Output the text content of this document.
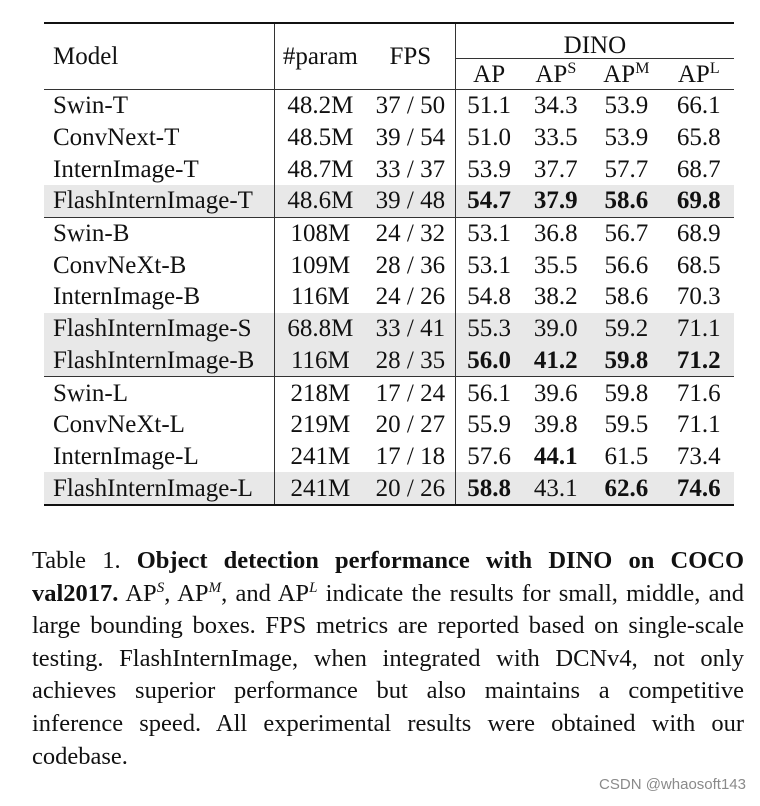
Model	#param	FPS	DINO			
			AP	$AP^S$	$AP^M$	$AP^L$
Swin-T	48.2M	37 / 50	51.1	34.3	53.9	66.1
ConvNext-T	48.5M	39 / 54	51.0	33.5	53.9	65.8
InternImage-T	48.7M	33 / 37	53.9	37.7	57.7	68.7
FlashInternImage-T	48.6M	39 / 48	54.7	37.9	58.6	69.8
Swin-B	108M	24 / 32	53.1	36.8	56.7	68.9
ConvNeXt-B	109M	28 / 36	53.1	35.5	56.6	68.5
InternImage-B	116M	24 / 26	54.8	38.2	58.6	70.3
FlashInternImage-S	68.8M	33 / 41	55.3	39.0	59.2	71.1
FlashInternImage-B	116M	28 / 35	56.0	41.2	59.8	71.2
Swin-L	218M	17 / 24	56.1	39.6	59.8	71.6
ConvNeXt-L	219M	20 / 27	55.9	39.8	59.5	71.1
InternImage-L	241M	17 / 18	57.6	44.1	61.5	73.4
FlashInternImage-L	241M	20 / 26	58.8	43.1	62.6	74.6
Table 1. Object detection performance with DINO on COCO val2017. $AP^S$, $AP^M$, and $AP^L$ indicate the results for small, middle, and large bounding boxes. FPS metrics are reported based on single-scale testing. FlashInternImage, when integrated with DCNv4, not only achieves superior performance but also maintains a competitive inference speed. All experimental results were obtained with our codebase.
CSDN @whaosoft143
